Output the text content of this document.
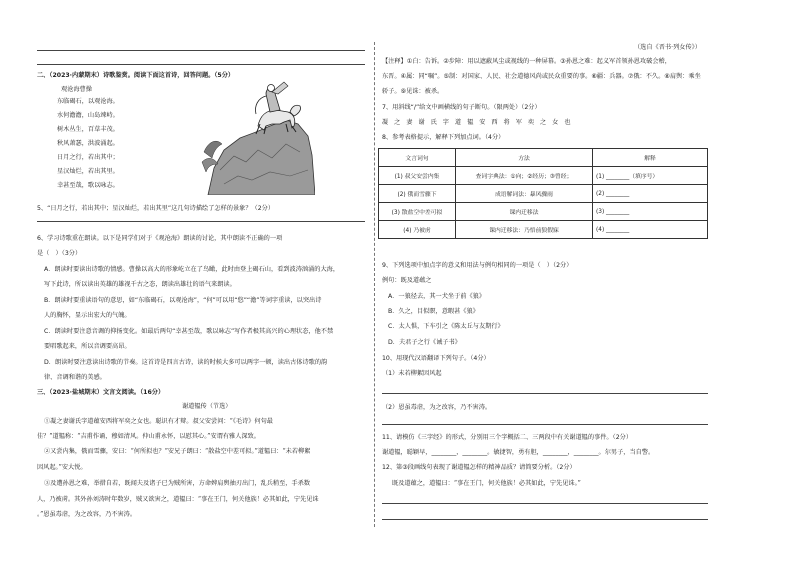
二、（2023·内蒙期末）诗歌鉴赏。阅读下面这首诗，回答问题。（5分）
观沧海曹操
东临碣石，以观沧海。
水何澹澹，山岛竦峙。
树木丛生，百草丰茂。
秋风萧瑟，洪波涌起。
日月之行，若出其中；
星汉灿烂，若出其里。
幸甚至哉，歌以咏志。
5、“日月之行，若出其中；星汉灿烂，若出其里”这几句诗描绘了怎样的景象？（2分）
6、学习诗歌重在朗读。以下是同学们对于《观沧海》朗读的讨论，其中朗读不正确的一项
是（　）（3分）
A．朗读时要读出诗歌的情感。曹操以高大的形象屹立在了鸟瞰，此时由登上碣石山，看到波涛汹涌的大海，
写下此诗，所以读出英雄的雄视千古之态，朗读出雄壮的语气来朗读。
B．朗读时要重读语句的意思，如“东临碣石，以观沧海”，“何”可以用“悠”“澹”等词字重读，以突出诗
人的胸怀，显示出宏大的气魄。
C．朗读时要注意音调的抑扬变化。如最后两句“幸甚至哉，歌以咏志”写作者极其高兴的心理状态，他不禁
要唱歌起来，所以音调要高昂。
D．朗读时要注意读出诗歌的节奏。这首诗是四言古诗，读的时候大多可以两字一顿，读出古体诗歌的韵
律、音调和谐的美感。
三、（2023·盐城期末）文言文阅读。（16分）
谢道韫传（节选）
①凝之妻谢氏字道蕴安西将军奕之女也。聪识有才辩。叔父安尝问：“《毛诗》何句最
佳？”道韫称：“吉甫作诵，穆如清风。仲山甫永怀，以慰其心。”安谓有雅人深致。
②又尝内集，俄而雪骤，安曰：“何所拟也？”安兄子朗曰：“散盐空中差可拟。”道韫曰：“未若柳絮
因风起。”安大悦。
③及遭孙恩之难，举措自若，既闻夫及诸子已为贼所害，方命婢肩舆抽刃出门，乱兵稍至，手杀数
人，乃被虏。其外孙刘涛时年数岁，贼又欲害之，道韫曰：“事在王门，何关他族！必其如此，宁先见诛
。”恩虽毒虐，为之改容，乃不害涛。
（选自《晋书·列女传》）
【注释】①白：告诉。②步障：用以遮蔽风尘或视线的一种屏幕。③孙恩之难：起义军首领孙恩攻破会稽，
东晋。④属：同“嘱”。⑤制：对国家、人民、社会道德风尚或民众重要的事。⑥疆：兵器。⑦俄：不久。⑧肩舆：乘坐
轿子。⑨见诛：被杀。
7、用斜线“/”给文中画横线的句子断句。（限两处）（2分）
凝 之 妻 谢 氏 字 道 韫 安 西 将 军 奕 之 女 也
8、参考表格提示，解释下列加点词。（4分）
文言词句	方法	解释
(1) 叔父安尝内集	查词字典法：①向；②经历；③曾经；	(1) ________（填序号）
(2) 俄而雪骤下	成语解词法：暴风骤雨	(2) ________
(3) 散盐空中差可拟	课内迁移法	(3) ________
(4) 乃被虏	课内迁移法：乃悟前狼假寐	(4) ________
9、下列选项中加点字的意义和用法与例句相同的一项是（　）（2分）
例句：既及道蕴之
A．一狼径去，其一犬坐于前《狼》
B．久之，目似瞑，意暇甚《狼》
C．太人惧，下车引之《陈太丘与友期行》
D．夫君子之行《诫子书》
10、用现代汉语翻译下列句子。（4分）
（1）未若柳絮因风起
（2）恩虽毒虐，为之改容，乃不害涛。
11、请模仿《三字经》的形式，分别用三个字概括二、三两段中有关谢道韫的事件。（2分）
谢道韫，聪颖早，________，________。敏捷智，勇有胆，________，________。尔男子，当自警。
12、第③段画线句表现了谢道韫怎样的精神品质？请简要分析。（2分）
既及道蕴之，道韫曰：“事在王门，何关他族！必其如此，宁先见诛。”
